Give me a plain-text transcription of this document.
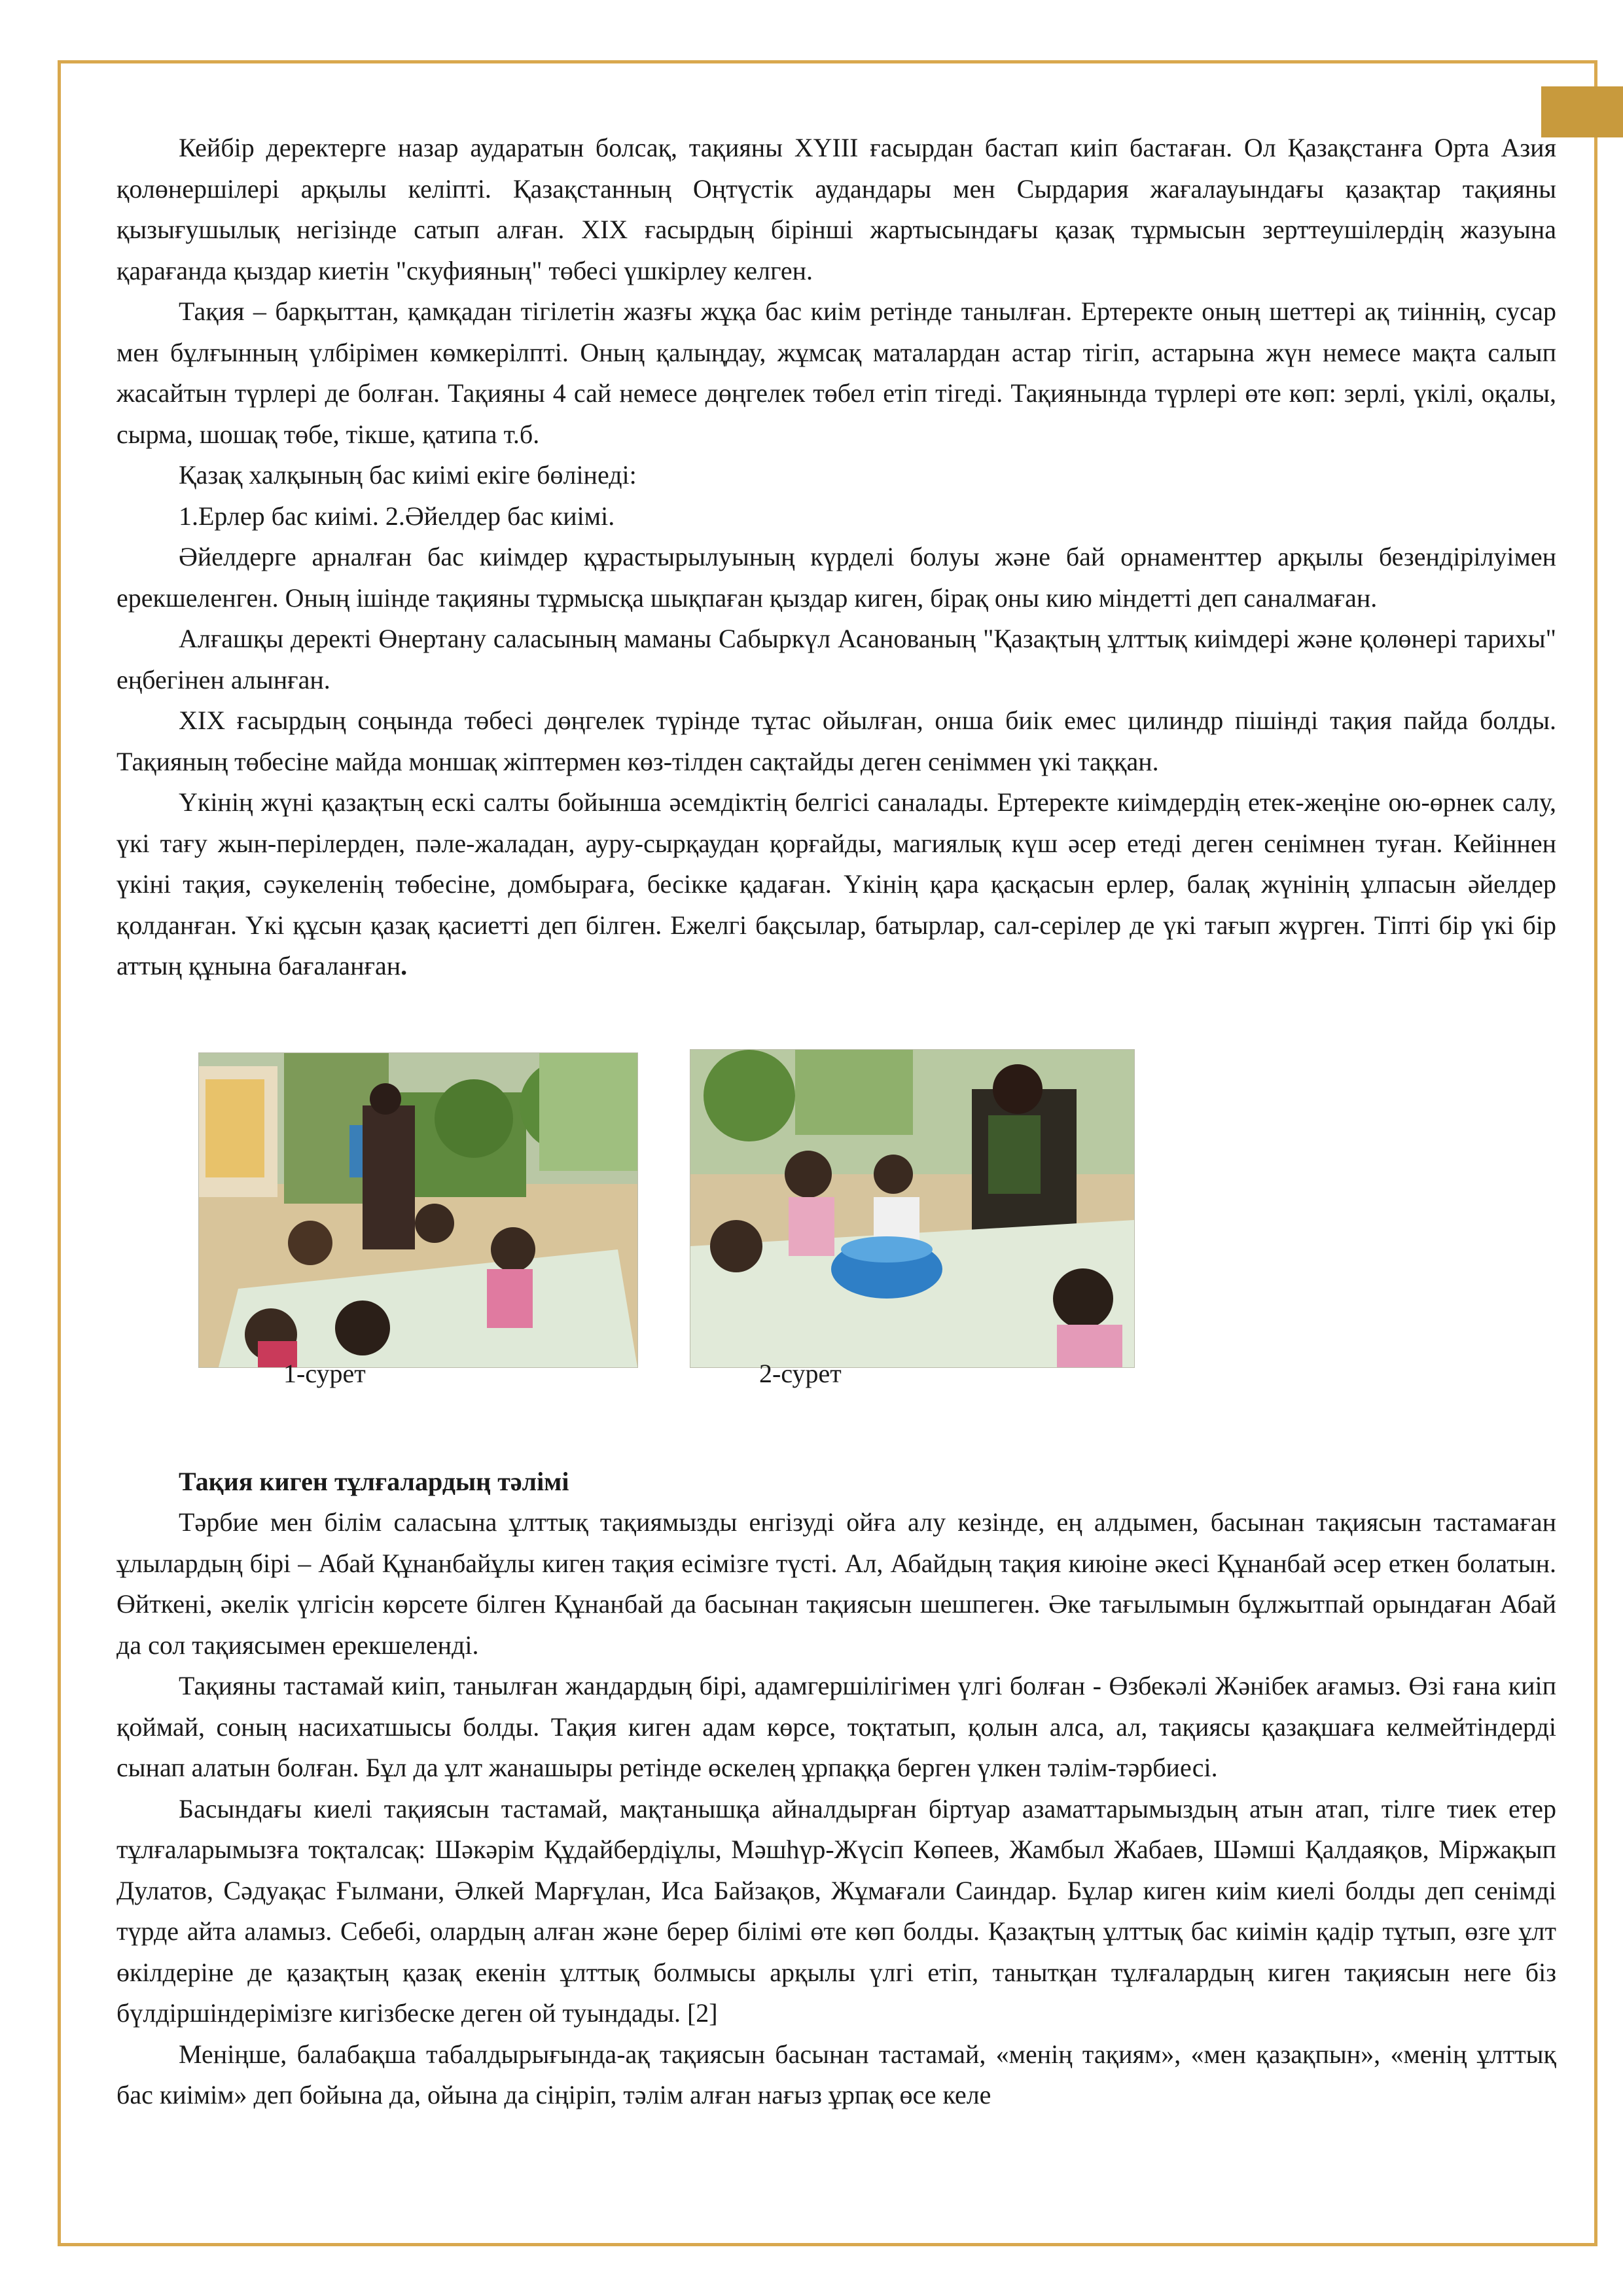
Кейбір деректерге назар аударатын болсақ, тақияны XYIII ғасырдан бастап киіп бастаған. Ол Қазақстанға Орта Азия қолөнершілері арқылы келіпті. Қазақстанның Оңтүстік аудандары мен Сырдария жағалауындағы қазақтар тақияны қызығушылық негізінде сатып алған. XIX ғасырдың бірінші жартысындағы қазақ тұрмысын зерттеушілердің жазуына қарағанда қыздар киетін "скуфияның" төбесі үшкірлеу келген.

Тақия – барқыттан, қамқадан тігілетін жазғы жұқа бас киім ретінде танылған. Ертеректе оның шеттері ақ тиіннің, сусар мен бұлғынның үлбірімен көмкерілпті. Оның қалыңдау, жұмсақ маталардан астар тігіп, астарына жүн немесе мақта салып жасайтын түрлері де болған. Тақияны 4 сай немесе дөңгелек төбел етіп тігеді. Тақиянында түрлері өте көп: зерлі, үкілі, оқалы, сырма, шошақ төбе, тікше, қатипа т.б.

Қазақ халқының бас киімі екіге бөлінеді:

1.Ерлер бас киімі. 2.Әйелдер бас киімі.

Әйелдерге арналған бас киімдер құрастырылуының күрделі болуы және бай орнаменттер арқылы безендірілуімен ерекшеленген. Оның ішінде тақияны тұрмысқа шықпаған қыздар киген, бірақ оны кию міндетті деп саналмаған.

Алғашқы деректі Өнертану саласының маманы Сабыркүл Асанованың "Қазақтың ұлттық киімдері және қолөнері тарихы" еңбегінен алынған.

XIX ғасырдың соңында төбесі дөңгелек түрінде тұтас ойылған, онша биік емес цилиндр пішінді тақия пайда болды. Тақияның төбесіне майда моншақ жіптермен көз-тілден сақтайды деген сеніммен үкі таққан.

Үкінің жүні қазақтың ескі салты бойынша әсемдіктің белгісі саналады. Ертеректе киімдердің етек-жеңіне ою-өрнек салу, үкі тағу жын-перілерден, пәле-жаладан, ауру-сырқаудан қорғайды, магиялық күш әсер етеді деген сенімнен туған. Кейіннен үкіні тақия, сәукеленің төбесіне, домбыраға, бесікке қадаған. Үкінің қара қасқасын ерлер, балақ жүнінің ұлпасын әйелдер қолданған. Үкі құсын қазақ қасиетті деп білген. Ежелгі бақсылар, батырлар, сал-серілер де үкі тағып жүрген. Тіпті бір үкі бір аттың құнына бағаланған.

1-сурет	2-сурет

Тақия киген тұлғалардың тәлімі

Тәрбие мен білім саласына ұлттық тақиямызды енгізуді ойға алу кезінде, ең алдымен, басынан тақиясын тастамаған ұлылардың бірі – Абай Құнанбайұлы киген тақия есімізге түсті. Ал, Абайдың тақия киюіне әкесі Құнанбай әсер еткен болатын. Өйткені, әкелік үлгісін көрсете білген Құнанбай да басынан тақиясын шешпеген. Әке тағылымын бұлжытпай орындаған Абай да сол тақиясымен ерекшеленді.

Тақияны тастамай киіп, танылған жандардың бірі, адамгершілігімен үлгі болған - Өзбекәлі Жәнібек ағамыз. Өзі ғана киіп қоймай, соның насихатшысы болды. Тақия киген адам көрсе, тоқтатып, қолын алса, ал, тақиясы қазақшаға келмейтіндерді сынап алатын болған. Бұл да ұлт жанашыры ретінде өскелең ұрпаққа берген үлкен тәлім-тәрбиесі.

Басындағы киелі тақиясын тастамай, мақтанышқа айналдырған біртуар азаматтарымыздың атын атап, тілге тиек етер тұлғаларымызға тоқталсақ: Шәкәрім Құдайбердіұлы, Мәшһүр-Жүсіп Көпеев, Жамбыл Жабаев, Шәмші Қалдаяқов, Міржақып Дулатов, Сәдуақас Ғылмани, Әлкей Марғұлан, Иса Байзақов, Жұмағали Саиндар. Бұлар киген киім киелі болды деп сенімді түрде айта аламыз. Себебі, олардың алған және берер білімі өте көп болды. Қазақтың ұлттық бас киімін қадір тұтып, өзге ұлт өкілдеріне де қазақтың қазақ екенін ұлттық болмысы арқылы үлгі етіп, танытқан тұлғалардың киген тақиясын неге біз бүлдіршіндерімізге кигізбеске деген ой туындады. [2]

Меніңше, балабақша табалдырығында-ақ тақиясын басынан тастамай, «менің тақиям», «мен қазақпын», «менің ұлттық бас киімім» деп бойына да, ойына да сіңіріп, тәлім алған нағыз ұрпақ өсе келе
